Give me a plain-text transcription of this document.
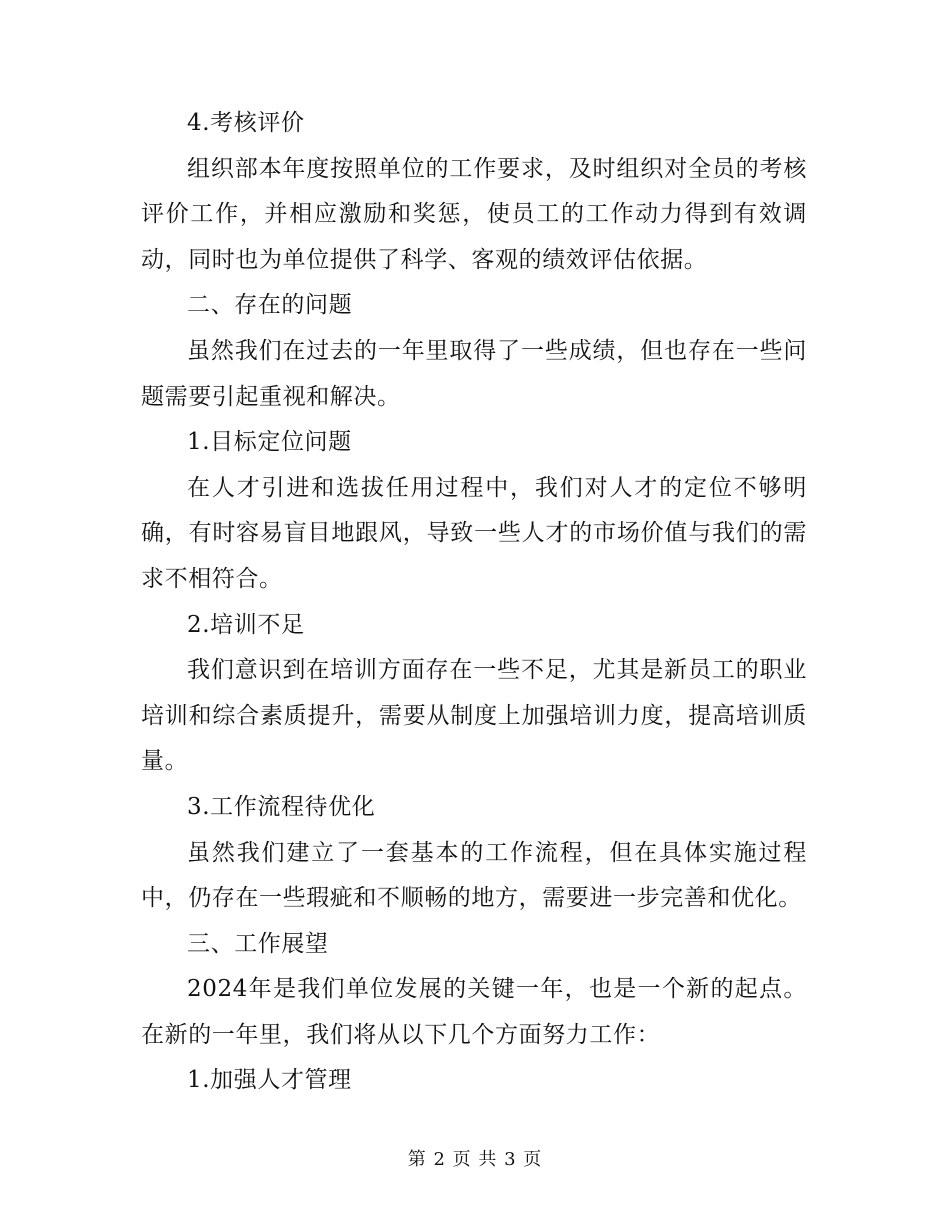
4.考核评价

组织部本年度按照单位的工作要求，及时组织对全员的考核评价工作，并相应激励和奖惩，使员工的工作动力得到有效调动，同时也为单位提供了科学、客观的绩效评估依据。

二、存在的问题

虽然我们在过去的一年里取得了一些成绩，但也存在一些问题需要引起重视和解决。

1.目标定位问题

在人才引进和选拔任用过程中，我们对人才的定位不够明确，有时容易盲目地跟风，导致一些人才的市场价值与我们的需求不相符合。

2.培训不足

我们意识到在培训方面存在一些不足，尤其是新员工的职业培训和综合素质提升，需要从制度上加强培训力度，提高培训质量。

3.工作流程待优化

虽然我们建立了一套基本的工作流程，但在具体实施过程中，仍存在一些瑕疵和不顺畅的地方，需要进一步完善和优化。

三、工作展望

2024年是我们单位发展的关键一年，也是一个新的起点。在新的一年里，我们将从以下几个方面努力工作：

1.加强人才管理

第 2 页 共 3 页
